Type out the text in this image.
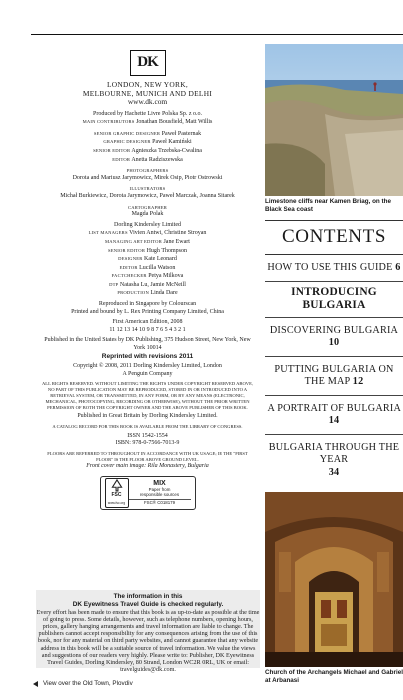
DK
LONDON, NEW YORK,
MELBOURNE, MUNICH AND DELHI
www.dk.com
Produced by Hachette Livre Polska Sp. z o.o.
MAIN CONTRIBUTORS Jonathan Bousfield, Matt Willis
SENIOR GRAPHIC DESIGNER Paweł Pasternak
GRAPHIC DESIGNER Paweł Kamiński
SENIOR EDITOR Agnieszka Trzebska-Cwalina
EDITOR Anetta Radziszewska
PHOTOGRAPHERS
Dorota and Mariusz Jarymowicz, Mirek Osip, Piotr Ostrowski
ILLUSTRATORS
Michał Burkiewicz, Dorota Jarymowicz, Paweł Marczak, Joanna Sitarek
CARTOGRAPHER
Magda Polak
Dorling Kindersley Limited
LIST MANAGERS Vivien Antwi, Christine Stroyan
MANAGING ART EDITOR Jane Ewart
SENIOR EDITOR Hugh Thompson
DESIGNER Kate Leonard
EDITOR Lucilla Watson
FACTCHECKER Petya Milkova
DTP Natasha Lu, Jamie McNeill
PRODUCTION Linda Dare
Reproduced in Singapore by Colourscan
Printed and bound by L. Rex Printing Company Limited, China
First American Edition, 2008
11 12 13 14 10 9 8 7 6 5 4 3 2 1
Published in the United States by DK Publishing, 375 Hudson Street, New York, New York 10014
Reprinted with revisions 2011
Copyright © 2008, 2011 Dorling Kindersley Limited, London
A Penguin Company
ALL RIGHTS RESERVED. WITHOUT LIMITING THE RIGHTS UNDER COPYRIGHT RESERVED ABOVE, NO PART OF THIS PUBLICATION MAY BE REPRODUCED, STORED IN OR INTRODUCED INTO A RETRIEVAL SYSTEM, OR TRANSMITTED, IN ANY FORM, OR BY ANY MEANS (ELECTRONIC, MECHANICAL, PHOTOCOPYING, RECORDING OR OTHERWISE), WITHOUT THE PRIOR WRITTEN PERMISSION OF BOTH THE COPYRIGHT OWNER AND THE ABOVE PUBLISHER OF THIS BOOK.
Published in Great Britain by Dorling Kindersley Limited.
A CATALOG RECORD FOR THIS BOOK IS AVAILABLE FROM THE LIBRARY OF CONGRESS.
ISSN 1542-1554
ISBN: 978-0-7566-7013-9
FLOORS ARE REFERRED TO THROUGHOUT IN ACCORDANCE WITH UK USAGE; IE THE "FIRST FLOOR" IS THE FLOOR ABOVE GROUND LEVEL.
Front cover main image: Rila Monastery, Bulgaria
FSC
www.fsc.org
MIX
Paper from
responsible sources
FSC® C018179
The information in this
DK Eyewitness Travel Guide is checked regularly.
Every effort has been made to ensure that this book is as up-to-date as possible at the time of going to press. Some details, however, such as telephone numbers, opening hours, prices, gallery hanging arrangements and travel information are liable to change. The publishers cannot accept responsibility for any consequences arising from the use of this book, nor for any material on third party websites, and cannot guarantee that any website address in this book will be a suitable source of travel information. We value the views and suggestions of our readers very highly. Please write to: Publisher, DK Eyewitness Travel Guides, Dorling Kindersley, 80 Strand, London WC2R 0RL, UK or email: travelguides@dk.com.
View over the Old Town, Plovdiv
Limestone cliffs near Kamen Briag, on the Black Sea coast
CONTENTS
HOW TO USE THIS GUIDE 6
INTRODUCING BULGARIA
DISCOVERING BULGARIA
10
PUTTING BULGARIA ON THE MAP 12
A PORTRAIT OF BULGARIA 14
BULGARIA THROUGH THE YEAR
34
Church of the Archangels Michael and Gabriel at Arbanasi
